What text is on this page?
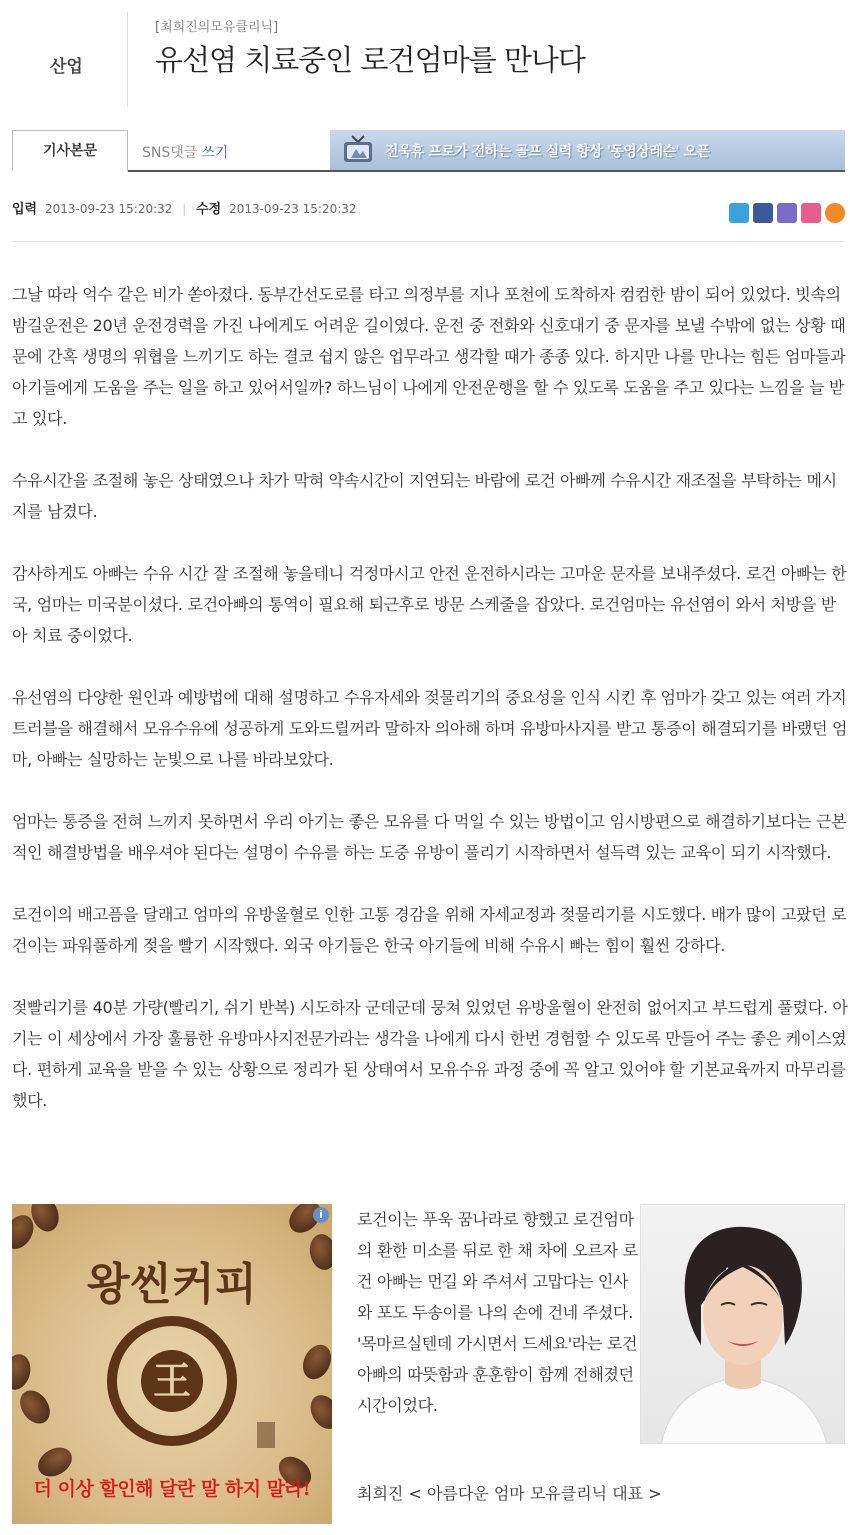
산업
[최희진의모유클리닉]
유선염 치료중인 로건엄마를 만나다
기사본문	SNS댓글 쓰기	전욱휴 프로가 전하는 골프 실력 향상 '동영상레슨' 오픈
입력 2013-09-23 15:20:32 | 수정 2013-09-23 15:20:32

그날 따라 억수 같은 비가 쏟아졌다. 동부간선도로를 타고 의정부를 지나 포천에 도착하자 컴컴한 밤이 되어 있었다. 빗속의 밤길운전은 20년 운전경력을 가진 나에게도 어려운 길이였다. 운전 중 전화와 신호대기 중 문자를 보낼 수밖에 없는 상황 때문에 간혹 생명의 위협을 느끼기도 하는 결코 쉽지 않은 업무라고 생각할 때가 종종 있다. 하지만 나를 만나는 힘든 엄마들과 아기들에게 도움을 주는 일을 하고 있어서일까? 하느님이 나에게 안전운행을 할 수 있도록 도움을 주고 있다는 느낌을 늘 받고 있다.

수유시간을 조절해 놓은 상태였으나 차가 막혀 약속시간이 지연되는 바람에 로건 아빠께 수유시간 재조절을 부탁하는 메시지를 남겼다.

감사하게도 아빠는 수유 시간 잘 조절해 놓을테니 걱정마시고 안전 운전하시라는 고마운 문자를 보내주셨다. 로건 아빠는 한국, 엄마는 미국분이셨다. 로건아빠의 통역이 필요해 퇴근후로 방문 스케줄을 잡았다. 로건엄마는 유선염이 와서 처방을 받아 치료 중이었다.

유선염의 다양한 원인과 예방법에 대해 설명하고 수유자세와 젖물리기의 중요성을 인식 시킨 후 엄마가 갖고 있는 여러 가지 트러블을 해결해서 모유수유에 성공하게 도와드릴꺼라 말하자 의아해 하며 유방마사지를 받고 통증이 해결되기를 바랬던 엄마, 아빠는 실망하는 눈빛으로 나를 바라보았다.

엄마는 통증을 전혀 느끼지 못하면서 우리 아기는 좋은 모유를 다 먹일 수 있는 방법이고 임시방편으로 해결하기보다는 근본적인 해결방법을 배우셔야 된다는 설명이 수유를 하는 도중 유방이 풀리기 시작하면서 설득력 있는 교육이 되기 시작했다.

로건이의 배고픔을 달래고 엄마의 유방울혈로 인한 고통 경감을 위해 자세교정과 젖물리기를 시도했다. 배가 많이 고팠던 로건이는 파워풀하게 젖을 빨기 시작했다. 외국 아기들은 한국 아기들에 비해 수유시 빠는 힘이 훨씬 강하다.

젖빨리기를 40분 가량(빨리기, 쉬기 반복) 시도하자 군데군데 뭉쳐 있었던 유방울혈이 완전히 없어지고 부드럽게 풀렸다. 아기는 이 세상에서 가장 훌륭한 유방마사지전문가라는 생각을 나에게 다시 한번 경험할 수 있도록 만들어 주는 좋은 케이스였다. 편하게 교육을 받을 수 있는 상황으로 정리가 된 상태여서 모유수유 과정 중에 꼭 알고 있어야 할 기본교육까지 마무리를 했다.

i
왕씬커피
王
더 이상 할인해 달란 말 하지 말라!
로건이는 푸욱 꿈나라로 향했고 로건엄마의 환한 미소를 뒤로 한 채 차에 오르자 로건 아빠는 먼길 와 주셔서 고맙다는 인사와 포도 두송이를 나의 손에 건네 주셨다. '목마르실텐데 가시면서 드세요'라는 로건아빠의 따뜻함과 훈훈함이 함께 전해졌던 시간이었다.
최희진 < 아름다운 엄마 모유클리닉 대표 >
